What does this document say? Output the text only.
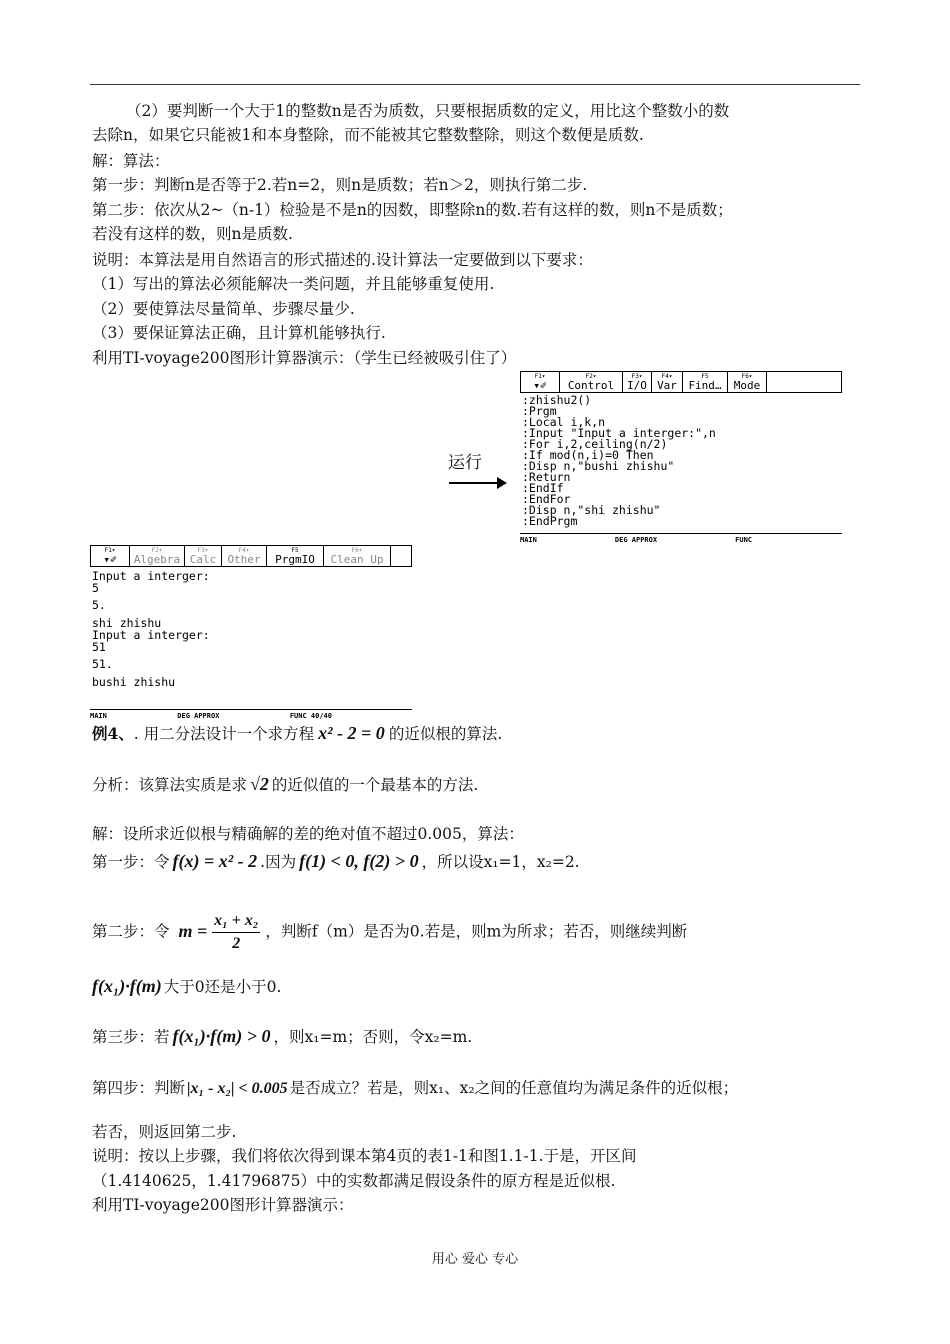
（2）要判断一个大于1的整数n是否为质数，只要根据质数的定义，用比这个整数小的数
去除n，如果它只能被1和本身整除，而不能被其它整数整除，则这个数便是质数.
解：算法：
第一步：判断n是否等于2.若n=2，则n是质数；若n＞2，则执行第二步.
第二步：依次从2~（n-1）检验是不是n的因数，即整除n的数.若有这样的数，则n不是质数；
若没有这样的数，则n是质数.
说明：本算法是用自然语言的形式描述的.设计算法一定要做到以下要求：
（1）写出的算法必须能解决一类问题，并且能够重复使用.
（2）要使算法尽量简单、步骤尽量少.
（3）要保证算法正确，且计算机能够执行.
利用TI-voyage200图形计算器演示：（学生已经被吸引住了）
F1▾
▾✐
F2▾
Control
F3▾
I/O
F4▾
Var
F5
Find…
F6▾
Mode
:zhishu2()
:Prgm
:Local i,k,n
:Input "Input a interger:",n
:For i,2,ceiling(n/2)
:If mod(n,i)=0 Then
:Disp n,"bushi zhishu"
:Return
:EndIf
:EndFor
:Disp n,"shi zhishu"
:EndPrgm
MAIN	DEG APPROX	FUNC
运行
F1▾
▾✐
F2▾
Algebra
F3▾
Calc
F4▾
Other
F5
PrgmIO
F6▾
Clean Up
Input a interger:
5
5.
shi zhishu
Input a interger:
51
51.
bushi zhishu
MAIN	DEG APPROX	FUNC 40/40
例4、. 用二分法设计一个求方程 x² - 2 = 0 的近似根的算法.
分析：该算法实质是求 √2 的近似值的一个最基本的方法.
解：设所求近似根与精确解的差的绝对值不超过0.005，算法：
第一步：令 f(x) = x² - 2 .因为 f(1) < 0, f(2) > 0 ，所以设x₁=1，x₂=2.
第二步：令 $m = \frac{\text{x₁ + x₂}}{2}$ ，判断f（m）是否为0.若是，则m为所求；若否，则继续判断
f(x₁)·f(m) 大于0还是小于0.
第三步：若 f(x₁)·f(m) > 0 ，则x₁=m；否则，令x₂=m.
第四步：判断 |x₁ - x₂| < 0.005 是否成立？若是，则x₁、x₂之间的任意值均为满足条件的近似根；
若否，则返回第二步.
说明：按以上步骤，我们将依次得到课本第4页的表1-1和图1.1-1.于是，开区间
（1.4140625，1.41796875）中的实数都满足假设条件的原方程是近似根.
利用TI-voyage200图形计算器演示：
用心 爱心 专心
